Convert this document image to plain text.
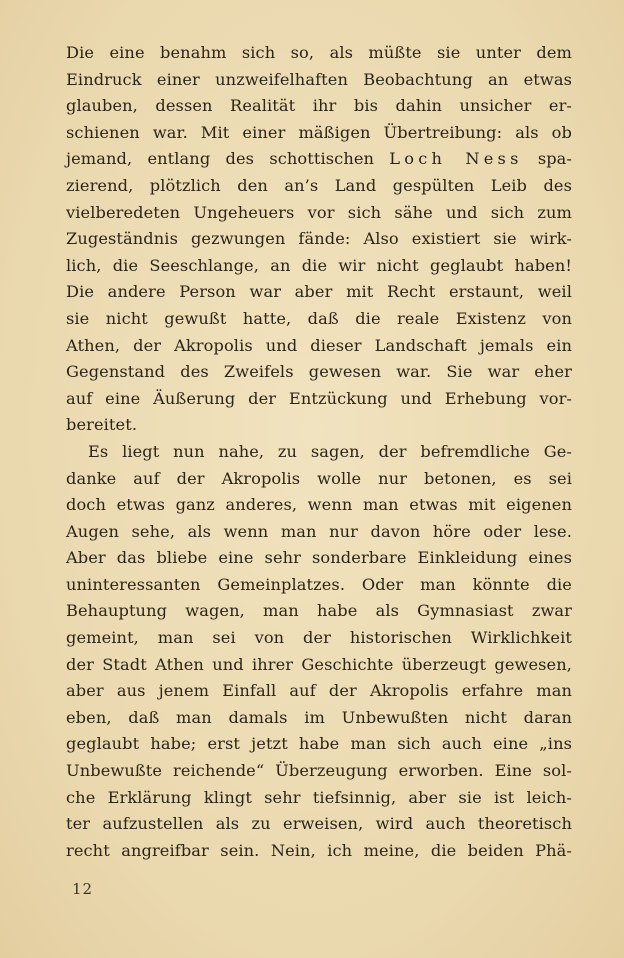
Die eine benahm sich so, als müßte sie unter dem
Eindruck einer unzweifelhaften Beobachtung an etwas
glauben, dessen Realität ihr bis dahin unsicher er-
schienen war. Mit einer mäßigen Übertreibung: als ob
jemand, entlang des schottischen Loch Ness spa-
zierend, plötzlich den an’s Land gespülten Leib des
vielberedeten Ungeheuers vor sich sähe und sich zum
Zugeständnis gezwungen fände: Also existiert sie wirk-
lich, die Seeschlange, an die wir nicht geglaubt haben!
Die andere Person war aber mit Recht erstaunt, weil
sie nicht gewußt hatte, daß die reale Existenz von
Athen, der Akropolis und dieser Landschaft jemals ein
Gegenstand des Zweifels gewesen war. Sie war eher
auf eine Äußerung der Entzückung und Erhebung vor-
bereitet.
Es liegt nun nahe, zu sagen, der befremdliche Ge-
danke auf der Akropolis wolle nur betonen, es sei
doch etwas ganz anderes, wenn man etwas mit eigenen
Augen sehe, als wenn man nur davon höre oder lese.
Aber das bliebe eine sehr sonderbare Einkleidung eines
uninteressanten Gemeinplatzes. Oder man könnte die
Behauptung wagen, man habe als Gymnasiast zwar
gemeint, man sei von der historischen Wirklichkeit
der Stadt Athen und ihrer Geschichte überzeugt gewesen,
aber aus jenem Einfall auf der Akropolis erfahre man
eben, daß man damals im Unbewußten nicht daran
geglaubt habe; erst jetzt habe man sich auch eine „ins
Unbewußte reichende“ Überzeugung erworben. Eine sol-
che Erklärung klingt sehr tiefsinnig, aber sie ist leich-
ter aufzustellen als zu erweisen, wird auch theoretisch
recht angreifbar sein. Nein, ich meine, die beiden Phä-
12
